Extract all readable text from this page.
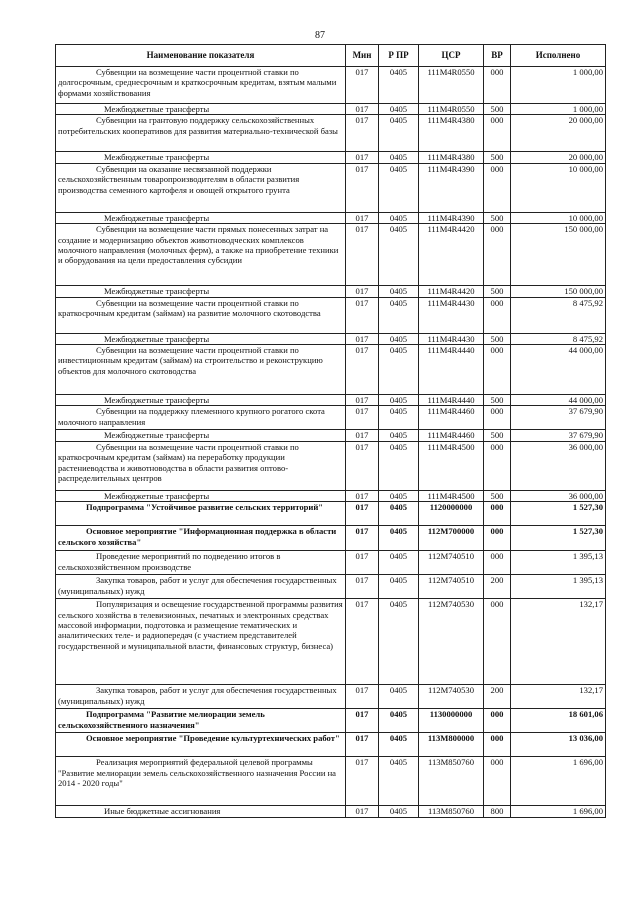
87
Наименование показателя	Мин	Р ПР	ЦСР	ВР	Исполнено
Субвенции на возмещение части процентной ставки по долгосрочным, среднесрочным и краткосрочным кредитам, взятым малыми формами хозяйствования	017	0405	111M4R0550	000	1 000,00
Межбюджетные трансферты	017	0405	111M4R0550	500	1 000,00
Субвенции на грантовую поддержку сельскохозяйственных потребительских кооперативов для развития материально-технической базы	017	0405	111M4R4380	000	20 000,00
Межбюджетные трансферты	017	0405	111M4R4380	500	20 000,00
Субвенции на оказание несвязанной поддержки сельскохозяйственным товаропроизводителям в области развития производства семенного картофеля и овощей открытого грунта	017	0405	111M4R4390	000	10 000,00
Межбюджетные трансферты	017	0405	111M4R4390	500	10 000,00
Субвенции на возмещение части прямых понесенных затрат на создание и модернизацию объектов животноводческих комплексов молочного направления (молочных ферм), а также на приобретение техники и оборудования на цели предоставления субсидии	017	0405	111M4R4420	000	150 000,00
Межбюджетные трансферты	017	0405	111M4R4420	500	150 000,00
Субвенции на возмещение части процентной ставки по краткосрочным кредитам (займам) на развитие молочного скотоводства	017	0405	111M4R4430	000	8 475,92
Межбюджетные трансферты	017	0405	111M4R4430	500	8 475,92
Субвенции на возмещение части процентной ставки по инвестиционным кредитам (займам) на строительство и реконструкцию объектов для молочного скотоводства	017	0405	111M4R4440	000	44 000,00
Межбюджетные трансферты	017	0405	111M4R4440	500	44 000,00
Субвенции на поддержку племенного крупного рогатого скота молочного направления	017	0405	111M4R4460	000	37 679,90
Межбюджетные трансферты	017	0405	111M4R4460	500	37 679,90
Субвенции на возмещение части процентной ставки по краткосрочным кредитам (займам) на переработку продукции растениеводства и животноводства в области развития оптово-распределительных центров	017	0405	111M4R4500	000	36 000,00
Межбюджетные трансферты	017	0405	111M4R4500	500	36 000,00
Подпрограмма "Устойчивое развитие сельских территорий"	017	0405	1120000000	000	1 527,30
Основное мероприятие "Информационная поддержка в области сельского хозяйства"	017	0405	112M700000	000	1 527,30
Проведение мероприятий по подведению итогов в сельскохозяйственном производстве	017	0405	112M740510	000	1 395,13
Закупка товаров, работ и услуг для обеспечения государственных (муниципальных) нужд	017	0405	112M740510	200	1 395,13
Популяризация и освещение государственной программы развития сельского хозяйства в телевизионных, печатных и электронных средствах массовой информации, подготовка и размещение тематических и аналитических теле- и радиопередач (с участием представителей государственной и муниципальной власти, финансовых структур, бизнеса)	017	0405	112M740530	000	132,17
Закупка товаров, работ и услуг для обеспечения государственных (муниципальных) нужд	017	0405	112M740530	200	132,17
Подпрограмма "Развитие мелиорации земель сельскохозяйственного назначения"	017	0405	1130000000	000	18 601,06
Основное мероприятие "Проведение культуртехнических работ"	017	0405	113M800000	000	13 036,00
Реализация мероприятий федеральной целевой программы "Развитие мелиорации земель сельскохозяйственного назначения России на 2014 - 2020 годы"	017	0405	113M850760	000	1 696,00
Иные бюджетные ассигнования	017	0405	113M850760	800	1 696,00
